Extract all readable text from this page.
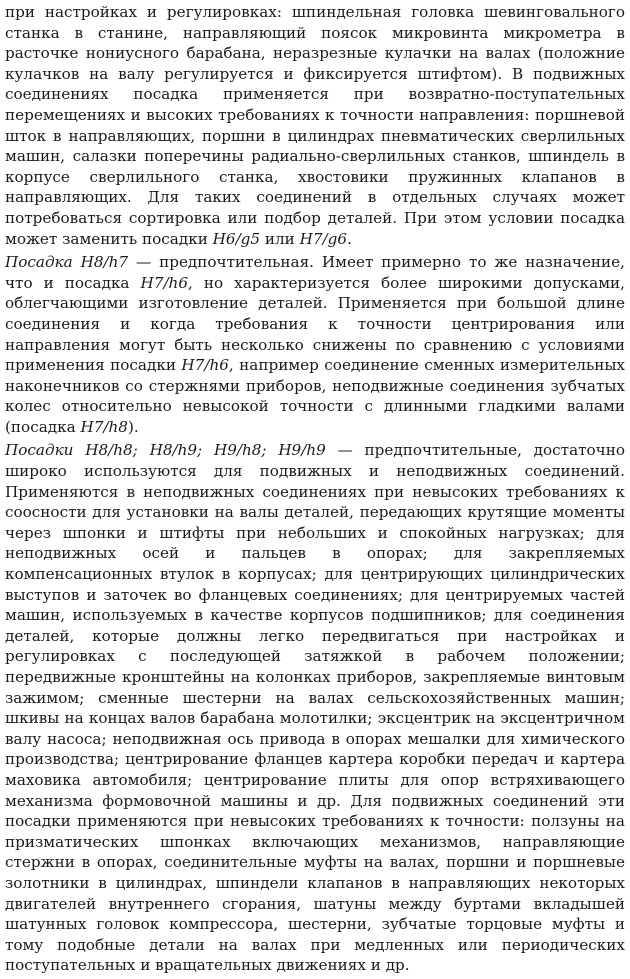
при настройках и регулировках: шпиндельная головка шевинговального станка в станине, направляющий поясок микровинта микрометра в расточке нониусного барабана, неразрезные кулачки на валах (положние кулачков на валу регулируется и фиксируется штифтом). В подвижных соединениях посадка применяется при возвратно-поступательных перемещениях и высоких требованиях к точности направления: поршневой шток в направляющих, поршни в цилиндрах пневматических сверлильных машин, салазки поперечины радиально-сверлильных станков, шпиндель в корпусе сверлильного станка, хвостовики пружинных клапанов в направляющих. Для таких соединений в отдельных случаях может потребоваться сортировка или подбор деталей. При этом условии посадка может заменить посадки H6/g5 или H7/g6.

Посадка H8/h7 — предпочтительная. Имеет примерно то же назначение, что и посадка H7/h6, но характеризуется более широкими допусками, облегчающими изготовление деталей. Применяется при большой длине соединения и когда требования к точности центрирования или направления могут быть несколько снижены по сравнению с условиями применения посадки H7/h6, например соединение сменных измерительных наконечников со стержнями приборов, неподвижные соединения зубчатых колес относительно невысокой точности с длинными гладкими валами (посадка H7/h8).

Посадки H8/h8; H8/h9; H9/h8; H9/h9 — предпочтительные, достаточно широко используются для подвижных и неподвижных соединений. Применяются в неподвижных соединениях при невысоких требованиях к соосности для установки на валы деталей, передающих крутящие моменты через шпонки и штифты при небольших и спокойных нагрузках; для неподвижных осей и пальцев в опорах; для закрепляемых компенсационных втулок в корпусах; для центрирующих цилиндрических выступов и заточек во фланцевых соединениях; для центрируемых частей машин, используемых в качестве корпусов подшипников; для соединения деталей, которые должны легко передвигаться при настройках и регулировках с последующей затяжкой в рабочем положении; передвижные кронштейны на колонках приборов, закрепляемые винтовым зажимом; сменные шестерни на валах сельскохозяйственных машин; шкивы на концах валов барабана молотилки; эксцентрик на эксцентричном валу насоса; неподвижная ось привода в опорах мешалки для химического производства; центрирование фланцев картера коробки передач и картера маховика автомобиля; центрирование плиты для опор встряхивающего механизма формовочной машины и др. Для подвижных соединений эти посадки применяются при невысоких требованиях к точности: ползуны на призматических шпонках включающих механизмов, направляющие стержни в опорах, соединительные муфты на валах, поршни и поршневые золотники в цилиндрах, шпиндели клапанов в направляющих некоторых двигателей внутреннего сгорания, шатуны между буртами вкладышей шатунных головок компрессора, шестерни, зубчатые торцовые муфты и тому подобные детали на валах при медленных или периодических поступательных и вращательных движениях и др.
